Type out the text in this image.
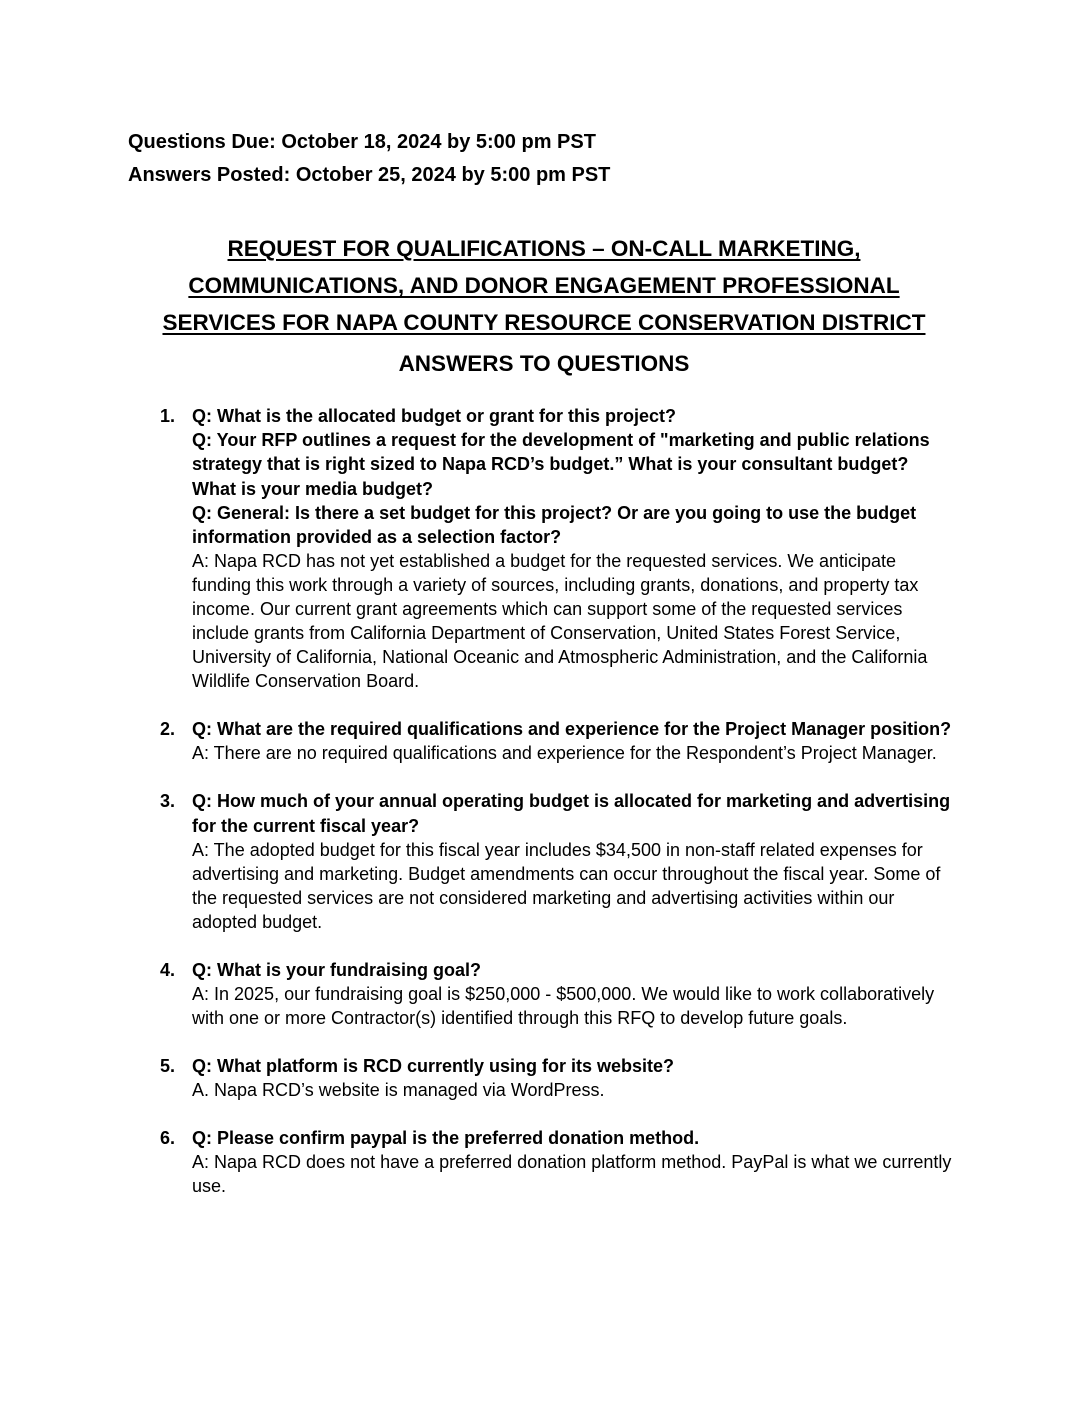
Questions Due: October 18, 2024 by 5:00 pm PST
Answers Posted: October 25, 2024 by 5:00 pm PST
REQUEST FOR QUALIFICATIONS – ON-CALL MARKETING,
COMMUNICATIONS, AND DONOR ENGAGEMENT PROFESSIONAL
SERVICES FOR NAPA COUNTY RESOURCE CONSERVATION DISTRICT
ANSWERS TO QUESTIONS
1. Q: What is the allocated budget or grant for this project?
Q: Your RFP outlines a request for the development of "marketing and public relations strategy that is right sized to Napa RCD’s budget.” What is your consultant budget? What is your media budget?
Q: General: Is there a set budget for this project? Or are you going to use the budget information provided as a selection factor?
A: Napa RCD has not yet established a budget for the requested services. We anticipate funding this work through a variety of sources, including grants, donations, and property tax income. Our current grant agreements which can support some of the requested services include grants from California Department of Conservation, United States Forest Service, University of California, National Oceanic and Atmospheric Administration, and the California Wildlife Conservation Board.
2. Q: What are the required qualifications and experience for the Project Manager position?
A: There are no required qualifications and experience for the Respondent’s Project Manager.
3. Q: How much of your annual operating budget is allocated for marketing and advertising for the current fiscal year?
A: The adopted budget for this fiscal year includes $34,500 in non-staff related expenses for advertising and marketing. Budget amendments can occur throughout the fiscal year. Some of the requested services are not considered marketing and advertising activities within our adopted budget.
4. Q: What is your fundraising goal?
A: In 2025, our fundraising goal is $250,000 - $500,000. We would like to work collaboratively with one or more Contractor(s) identified through this RFQ to develop future goals.
5. Q: What platform is RCD currently using for its website?
A. Napa RCD’s website is managed via WordPress.
6. Q: Please confirm paypal is the preferred donation method.
A: Napa RCD does not have a preferred donation platform method. PayPal is what we currently use.
